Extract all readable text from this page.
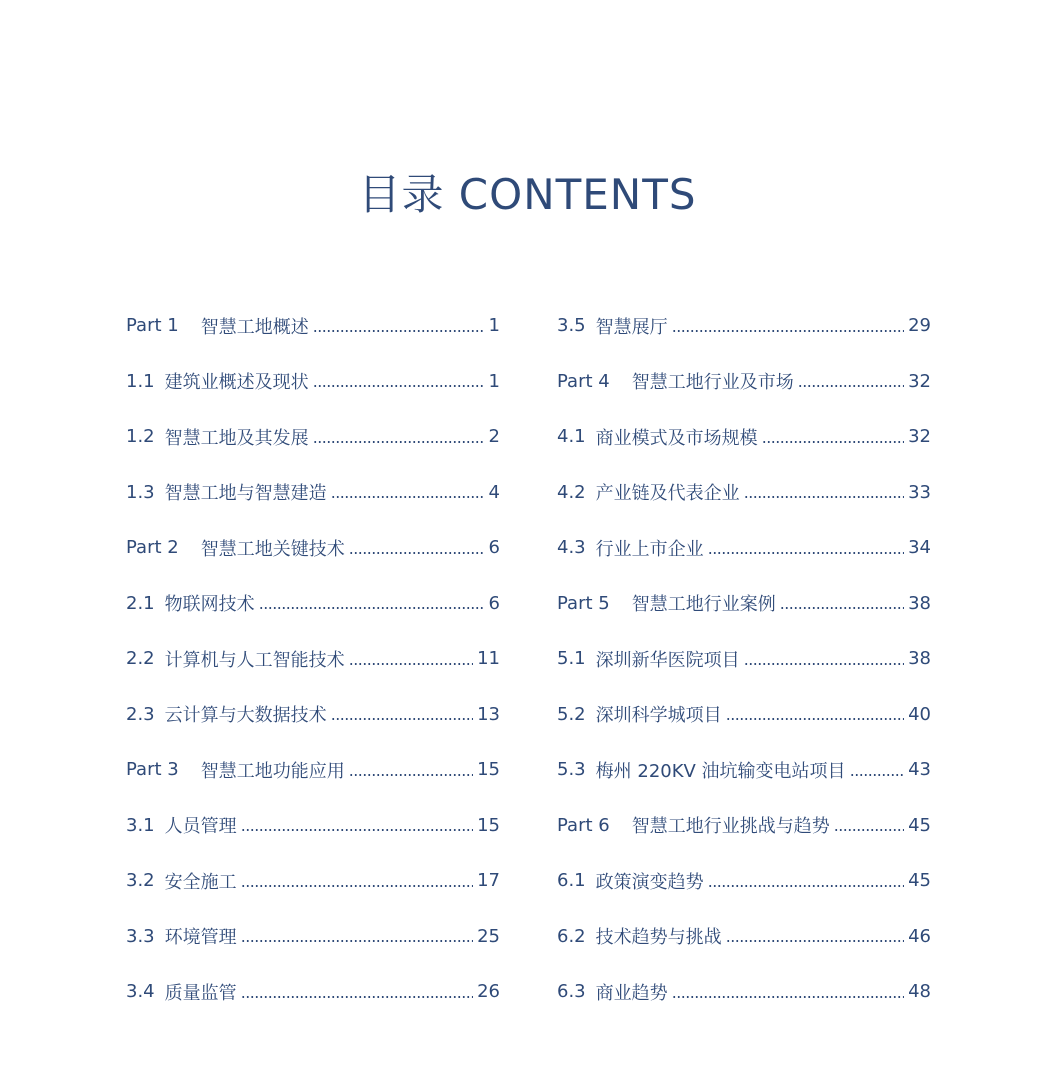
目录 CONTENTS
Part 1 智慧工地概述	1
1.1 建筑业概述及现状	1
1.2 智慧工地及其发展	2
1.3 智慧工地与智慧建造	4
Part 2 智慧工地关键技术	6
2.1 物联网技术	6
2.2 计算机与人工智能技术	11
2.3 云计算与大数据技术	13
Part 3 智慧工地功能应用	15
3.1 人员管理	15
3.2 安全施工	17
3.3 环境管理	25
3.4 质量监管	26
3.5 智慧展厅	29
Part 4 智慧工地行业及市场	32
4.1 商业模式及市场规模	32
4.2 产业链及代表企业	33
4.3 行业上市企业	34
Part 5 智慧工地行业案例	38
5.1 深圳新华医院项目	38
5.2 深圳科学城项目	40
5.3 梅州 220KV 油坑输变电站项目	43
Part 6 智慧工地行业挑战与趋势	45
6.1 政策演变趋势	45
6.2 技术趋势与挑战	46
6.3 商业趋势	48
